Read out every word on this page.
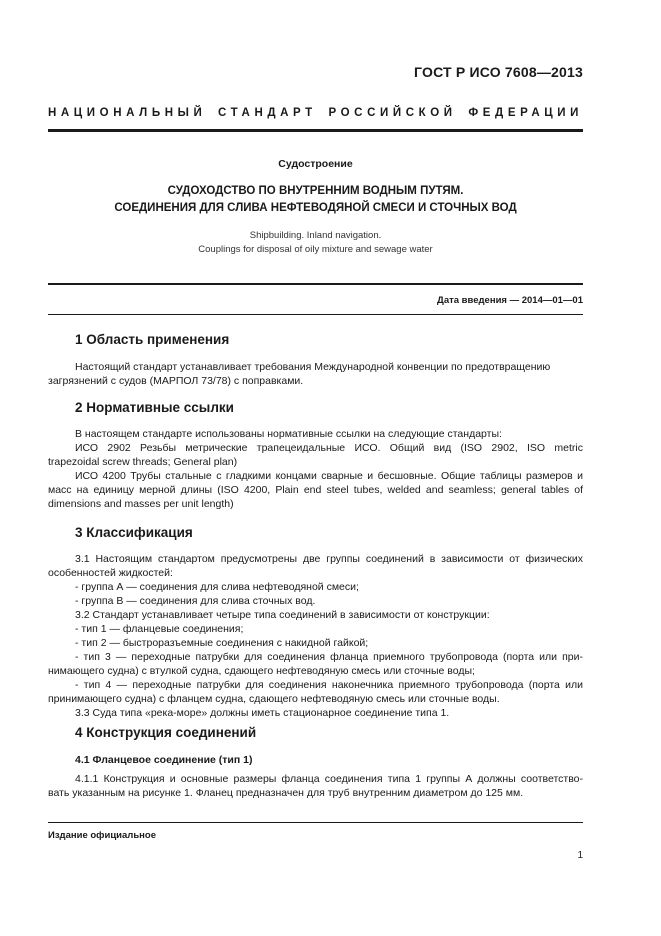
ГОСТ Р ИСО 7608—2013
НАЦИОНАЛЬНЫЙ СТАНДАРТ РОССИЙСКОЙ ФЕДЕРАЦИИ
Судостроение
СУДОХОДСТВО ПО ВНУТРЕННИМ ВОДНЫМ ПУТЯМ.
СОЕДИНЕНИЯ ДЛЯ СЛИВА НЕФТЕВОДЯНОЙ СМЕСИ И СТОЧНЫХ ВОД
Shipbuilding. Inland navigation.
Couplings for disposal of oily mixture and sewage water
Дата введения — 2014—01—01
1 Область применения
Настоящий стандарт устанавливает требования Международной конвенции по предотвращению
загрязнений с судов (МАРПОЛ 73/78) с поправками.
2 Нормативные ссылки
В настоящем стандарте использованы нормативные ссылки на следующие стандарты:
ИСО 2902 Резьбы метрические трапецеидальные ИСО. Общий вид (ISO 2902, ISO metric
trapezoidal screw threads; General plan)
ИСО 4200 Трубы стальные с гладкими концами сварные и бесшовные. Общие таблицы размеров и
масс на единицу мерной длины (ISO 4200, Plain end steel tubes, welded and seamless; general tables of
dimensions and masses per unit length)
3 Классификация
3.1 Настоящим стандартом предусмотрены две группы соединений в зависимости от физических
особенностей жидкостей:
- группа А — соединения для слива нефтеводяной смеси;
- группа В — соединения для слива сточных вод.
3.2 Стандарт устанавливает четыре типа соединений в зависимости от конструкции:
- тип 1 — фланцевые соединения;
- тип 2 — быстроразъемные соединения с накидной гайкой;
- тип 3 — переходные патрубки для соединения фланца приемного трубопровода (порта или при-
нимающего судна) с втулкой судна, сдающего нефтеводяную смесь или сточные воды;
- тип 4 — переходные патрубки для соединения наконечника приемного трубопровода (порта или
принимающего судна) с фланцем судна, сдающего нефтеводяную смесь или сточные воды.
3.3 Суда типа «река-море» должны иметь стационарное соединение типа 1.
4 Конструкция соединений
4.1 Фланцевое соединение (тип 1)
4.1.1 Конструкция и основные размеры фланца соединения типа 1 группы А должны соответство-
вать указанным на рисунке 1. Фланец предназначен для труб внутренним диаметром до 125 мм.
Издание официальное
1
